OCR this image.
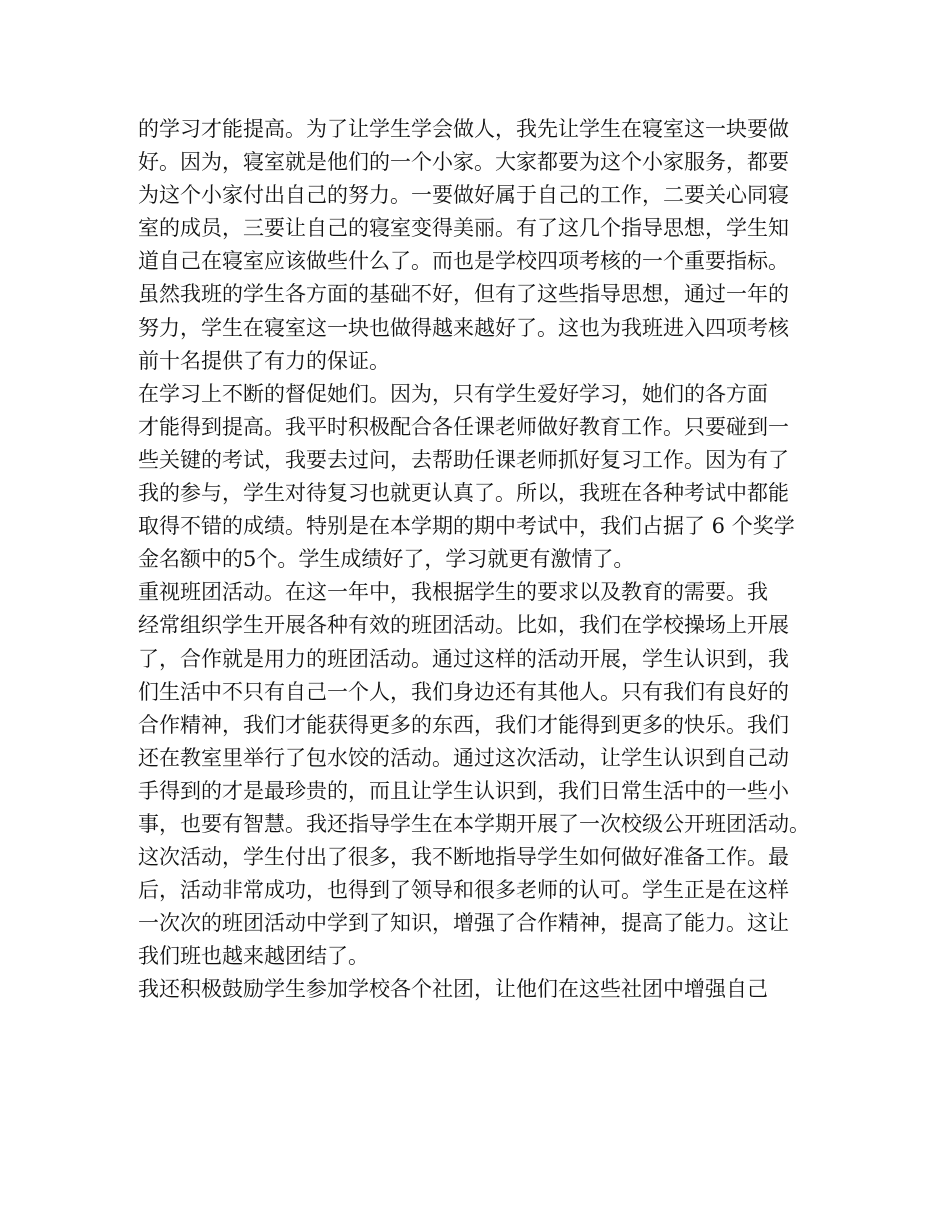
的学习才能提高。为了让学生学会做人，我先让学生在寝室这一块要做
好。因为，寝室就是他们的一个小家。大家都要为这个小家服务，都要
为这个小家付出自己的努力。一要做好属于自己的工作，二要关心同寝
室的成员，三要让自己的寝室变得美丽。有了这几个指导思想，学生知
道自己在寝室应该做些什么了。而也是学校四项考核的一个重要指标。
虽然我班的学生各方面的基础不好，但有了这些指导思想，通过一年的
努力，学生在寝室这一块也做得越来越好了。这也为我班进入四项考核
前十名提供了有力的保证。
在学习上不断的督促她们。因为，只有学生爱好学习，她们的各方面
才能得到提高。我平时积极配合各任课老师做好教育工作。只要碰到一
些关键的考试，我要去过问，去帮助任课老师抓好复习工作。因为有了
我的参与，学生对待复习也就更认真了。所以，我班在各种考试中都能
取得不错的成绩。特别是在本学期的期中考试中，我们占据了 6 个奖学
金名额中的5个。学生成绩好了，学习就更有激情了。
重视班团活动。在这一年中，我根据学生的要求以及教育的需要。我
经常组织学生开展各种有效的班团活动。比如，我们在学校操场上开展
了，合作就是用力的班团活动。通过这样的活动开展，学生认识到，我
们生活中不只有自己一个人，我们身边还有其他人。只有我们有良好的
合作精神，我们才能获得更多的东西，我们才能得到更多的快乐。我们
还在教室里举行了包水饺的活动。通过这次活动，让学生认识到自己动
手得到的才是最珍贵的，而且让学生认识到，我们日常生活中的一些小
事，也要有智慧。我还指导学生在本学期开展了一次校级公开班团活动。
这次活动，学生付出了很多，我不断地指导学生如何做好准备工作。最
后，活动非常成功，也得到了领导和很多老师的认可。学生正是在这样
一次次的班团活动中学到了知识，增强了合作精神，提高了能力。这让
我们班也越来越团结了。
我还积极鼓励学生参加学校各个社团，让他们在这些社团中增强自己
